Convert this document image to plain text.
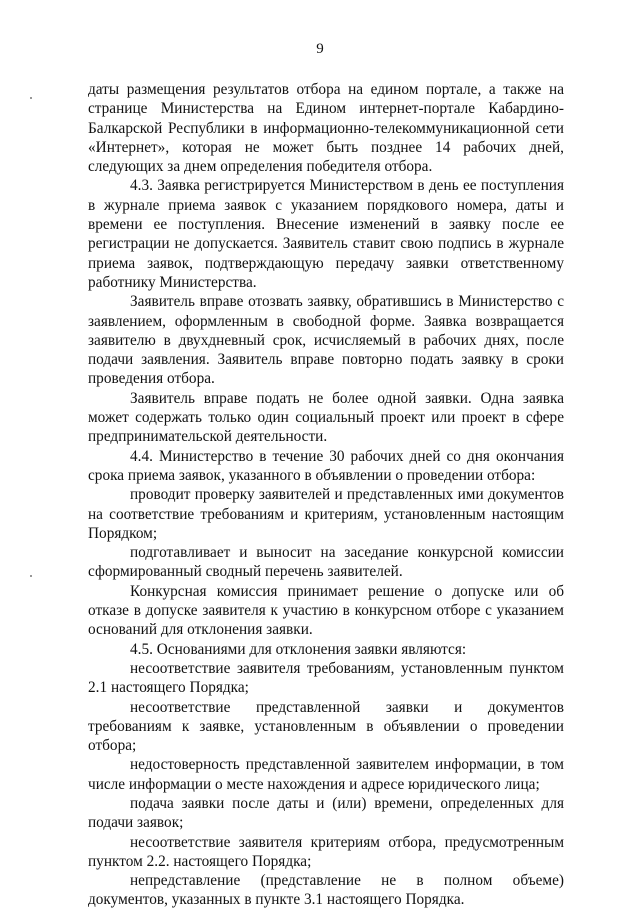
9

даты размещения результатов отбора на едином портале, а также на странице Министерства на Едином интернет-портале Кабардино-Балкарской Республики в информационно-телекоммуникационной сети «Интернет», которая не может быть позднее 14 рабочих дней, следующих за днем определения победителя отбора.

4.3. Заявка регистрируется Министерством в день ее поступления в журнале приема заявок с указанием порядкового номера, даты и времени ее поступления. Внесение изменений в заявку после ее регистрации не допускается. Заявитель ставит свою подпись в журнале приема заявок, подтверждающую передачу заявки ответственному работнику Министерства.

Заявитель вправе отозвать заявку, обратившись в Министерство с заявлением, оформленным в свободной форме. Заявка возвращается заявителю в двухдневный срок, исчисляемый в рабочих днях, после подачи заявления. Заявитель вправе повторно подать заявку в сроки проведения отбора.

Заявитель вправе подать не более одной заявки. Одна заявка может содержать только один социальный проект или проект в сфере предпринимательской деятельности.

4.4. Министерство в течение 30 рабочих дней со дня окончания срока приема заявок, указанного в объявлении о проведении отбора:

проводит проверку заявителей и представленных ими документов на соответствие требованиям и критериям, установленным настоящим Порядком;

подготавливает и выносит на заседание конкурсной комиссии сформированный сводный перечень заявителей.

Конкурсная комиссия принимает решение о допуске или об отказе в допуске заявителя к участию в конкурсном отборе с указанием оснований для отклонения заявки.

4.5. Основаниями для отклонения заявки являются:

несоответствие заявителя требованиям, установленным пунктом 2.1 настоящего Порядка;

несоответствие представленной заявки и документов требованиям к заявке, установленным в объявлении о проведении отбора;

недостоверность представленной заявителем информации, в том числе информации о месте нахождения и адресе юридического лица;

подача заявки после даты и (или) времени, определенных для подачи заявок;

несоответствие заявителя критериям отбора, предусмотренным пунктом 2.2. настоящего Порядка;

непредставление (представление не в полном объеме) документов, указанных в пункте 3.1 настоящего Порядка.
